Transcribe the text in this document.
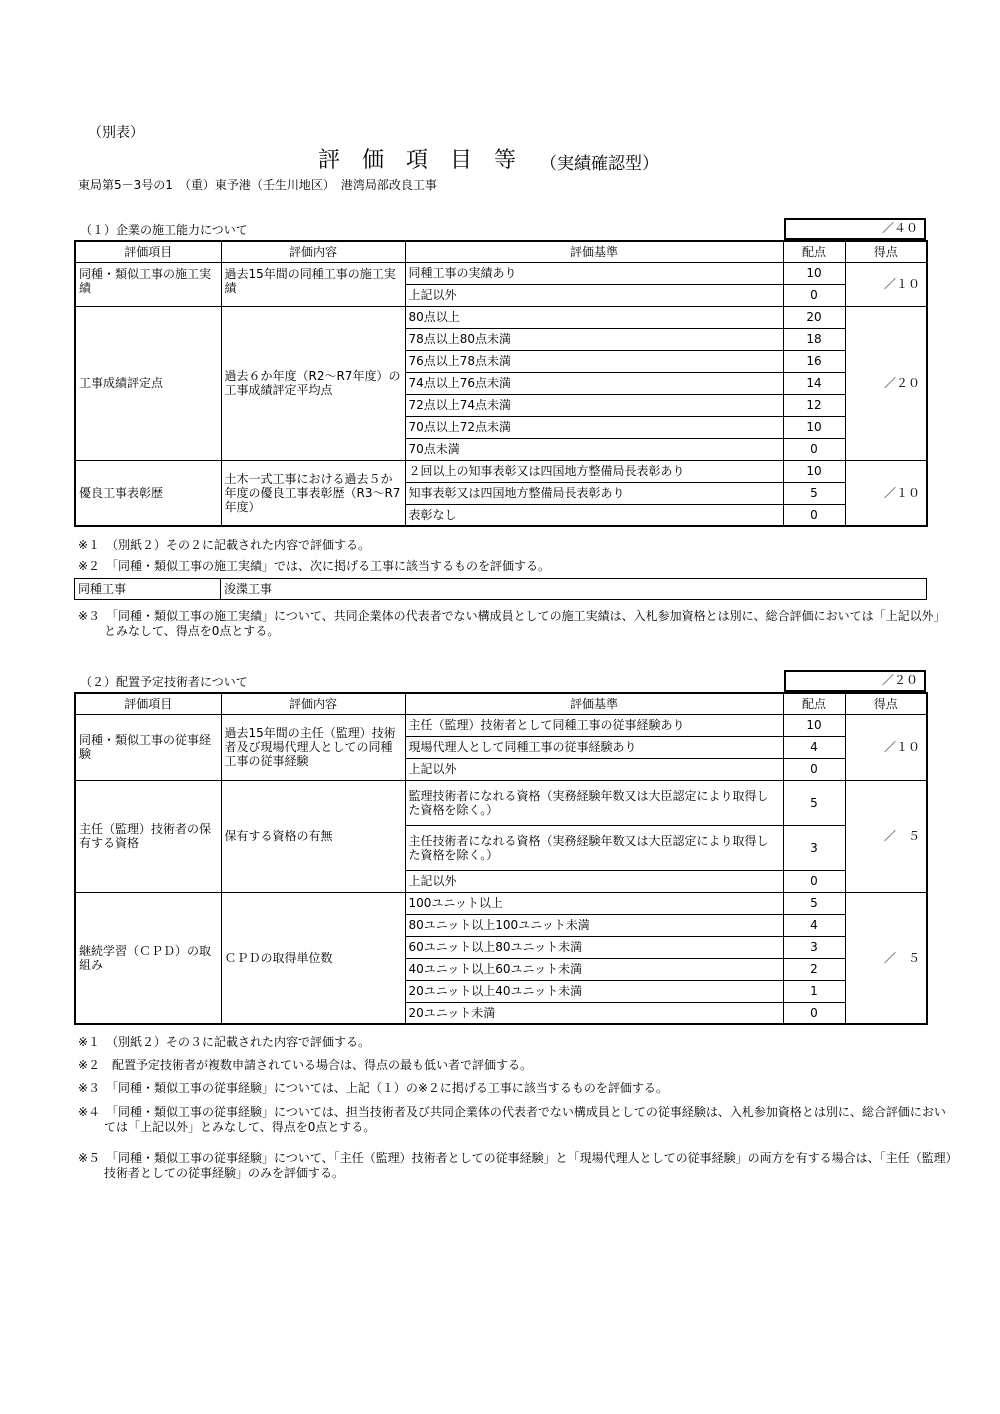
（別表）
評価項目等 （実績確認型）
東局第5－3号の1　（重）東予港（壬生川地区）　港湾局部改良工事
（１）企業の施工能力について	／４０
評価項目	評価内容	評価基準	配点	得点
同種・類似工事の施工実績	過去15年間の同種工事の施工実績	同種工事の実績あり	10	／１０
		上記以外	0	
工事成績評定点	過去６か年度（R2～R7年度）の工事成績評定平均点	80点以上	20	／２０
		78点以上80点未満	18	
		76点以上78点未満	16	
		74点以上76点未満	14	
		72点以上74点未満	12	
		70点以上72点未満	10	
		70点未満	0	
優良工事表彰歴	土木一式工事における過去５か年度の優良工事表彰歴（R3～R7年度）	２回以上の知事表彰又は四国地方整備局長表彰あり	10	／１０
		知事表彰又は四国地方整備局長表彰あり	5	
		表彰なし	0	
※１　（別紙２）その２に記載された内容で評価する。
※２　「同種・類似工事の施工実績」では、次に掲げる工事に該当するものを評価する。
同種工事	浚渫工事
※３　「同種・類似工事の施工実績」について、共同企業体の代表者でない構成員としての施工実績は、入札参加資格とは別に、総合評価においては「上記以外」とみなして、得点を0点とする。
（２）配置予定技術者について	／２０
評価項目	評価内容	評価基準	配点	得点
同種・類似工事の従事経験	過去15年間の主任（監理）技術者及び現場代理人としての同種工事の従事経験	主任（監理）技術者として同種工事の従事経験あり	10	／１０
		現場代理人として同種工事の従事経験あり	4	
		上記以外	0	
主任（監理）技術者の保有する資格	保有する資格の有無	監理技術者になれる資格（実務経験年数又は大臣認定により取得した資格を除く。）	5	／　５
		主任技術者になれる資格（実務経験年数又は大臣認定により取得した資格を除く。）	3	
		上記以外	0	
継続学習（ＣＰＤ）の取組み	ＣＰＤの取得単位数	100ユニット以上	5	／　５
		80ユニット以上100ユニット未満	4	
		60ユニット以上80ユニット未満	3	
		40ユニット以上60ユニット未満	2	
		20ユニット以上40ユニット未満	1	
		20ユニット未満	0	
※１　（別紙２）その３に記載された内容で評価する。
※２　配置予定技術者が複数申請されている場合は、得点の最も低い者で評価する。
※３　「同種・類似工事の従事経験」については、上記（１）の※２に掲げる工事に該当するものを評価する。
※４　「同種・類似工事の従事経験」については、担当技術者及び共同企業体の代表者でない構成員としての従事経験は、入札参加資格とは別に、総合評価においては「上記以外」とみなして、得点を0点とする。
※５　「同種・類似工事の従事経験」について、「主任（監理）技術者としての従事経験」と「現場代理人としての従事経験」の両方を有する場合は、「主任（監理）技術者としての従事経験」のみを評価する。
